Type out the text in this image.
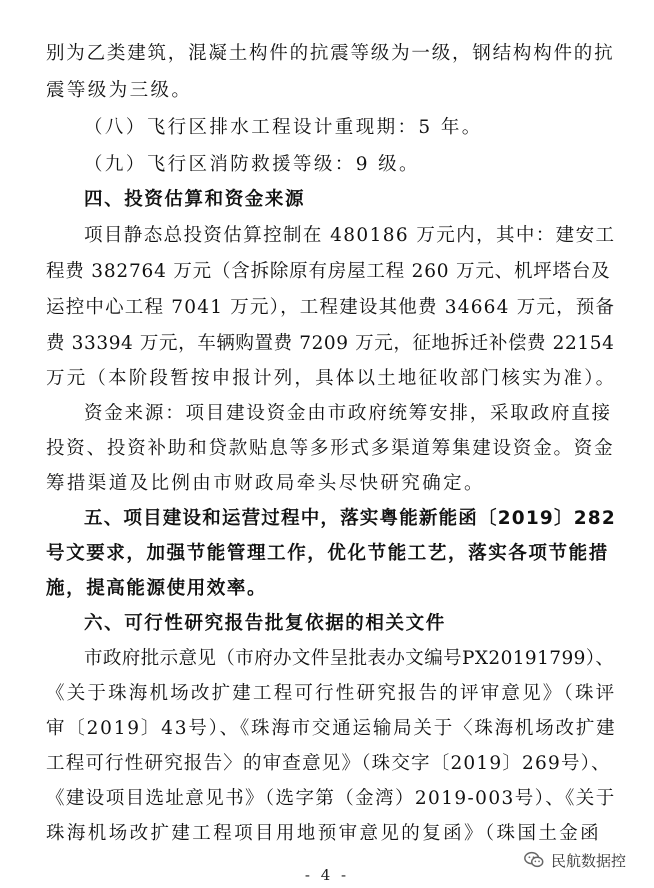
别为乙类建筑，混凝土构件的抗震等级为一级，钢结构构件的抗
震等级为三级。
（八）飞行区排水工程设计重现期：5 年。
（九）飞行区消防救援等级：9 级。
四、投资估算和资金来源
项目静态总投资估算控制在 480186 万元内，其中：建安工
程费 382764 万元（含拆除原有房屋工程 260 万元、机坪塔台及
运控中心工程 7041 万元），工程建设其他费 34664 万元，预备
费 33394 万元，车辆购置费 7209 万元，征地拆迁补偿费 22154
万元（本阶段暂按申报计列，具体以土地征收部门核实为准）。
资金来源：项目建设资金由市政府统筹安排，采取政府直接
投资、投资补助和贷款贴息等多形式多渠道筹集建设资金。资金
筹措渠道及比例由市财政局牵头尽快研究确定。
五、项目建设和运营过程中，落实粤能新能函〔2019〕282
号文要求，加强节能管理工作，优化节能工艺，落实各项节能措
施，提高能源使用效率。
六、可行性研究报告批复依据的相关文件
市政府批示意见（市府办文件呈批表办文编号PX20191799）、
《关于珠海机场改扩建工程可行性研究报告的评审意见》（珠评
审〔2019〕43号）、《珠海市交通运输局关于〈珠海机场改扩建
工程可行性研究报告〉的审查意见》（珠交字〔2019〕269号）、
《建设项目选址意见书》（选字第（金湾）2019-003号）、《关于
珠海机场改扩建工程项目用地预审意见的复函》（珠国土金函
民航数据控
- 4 -
